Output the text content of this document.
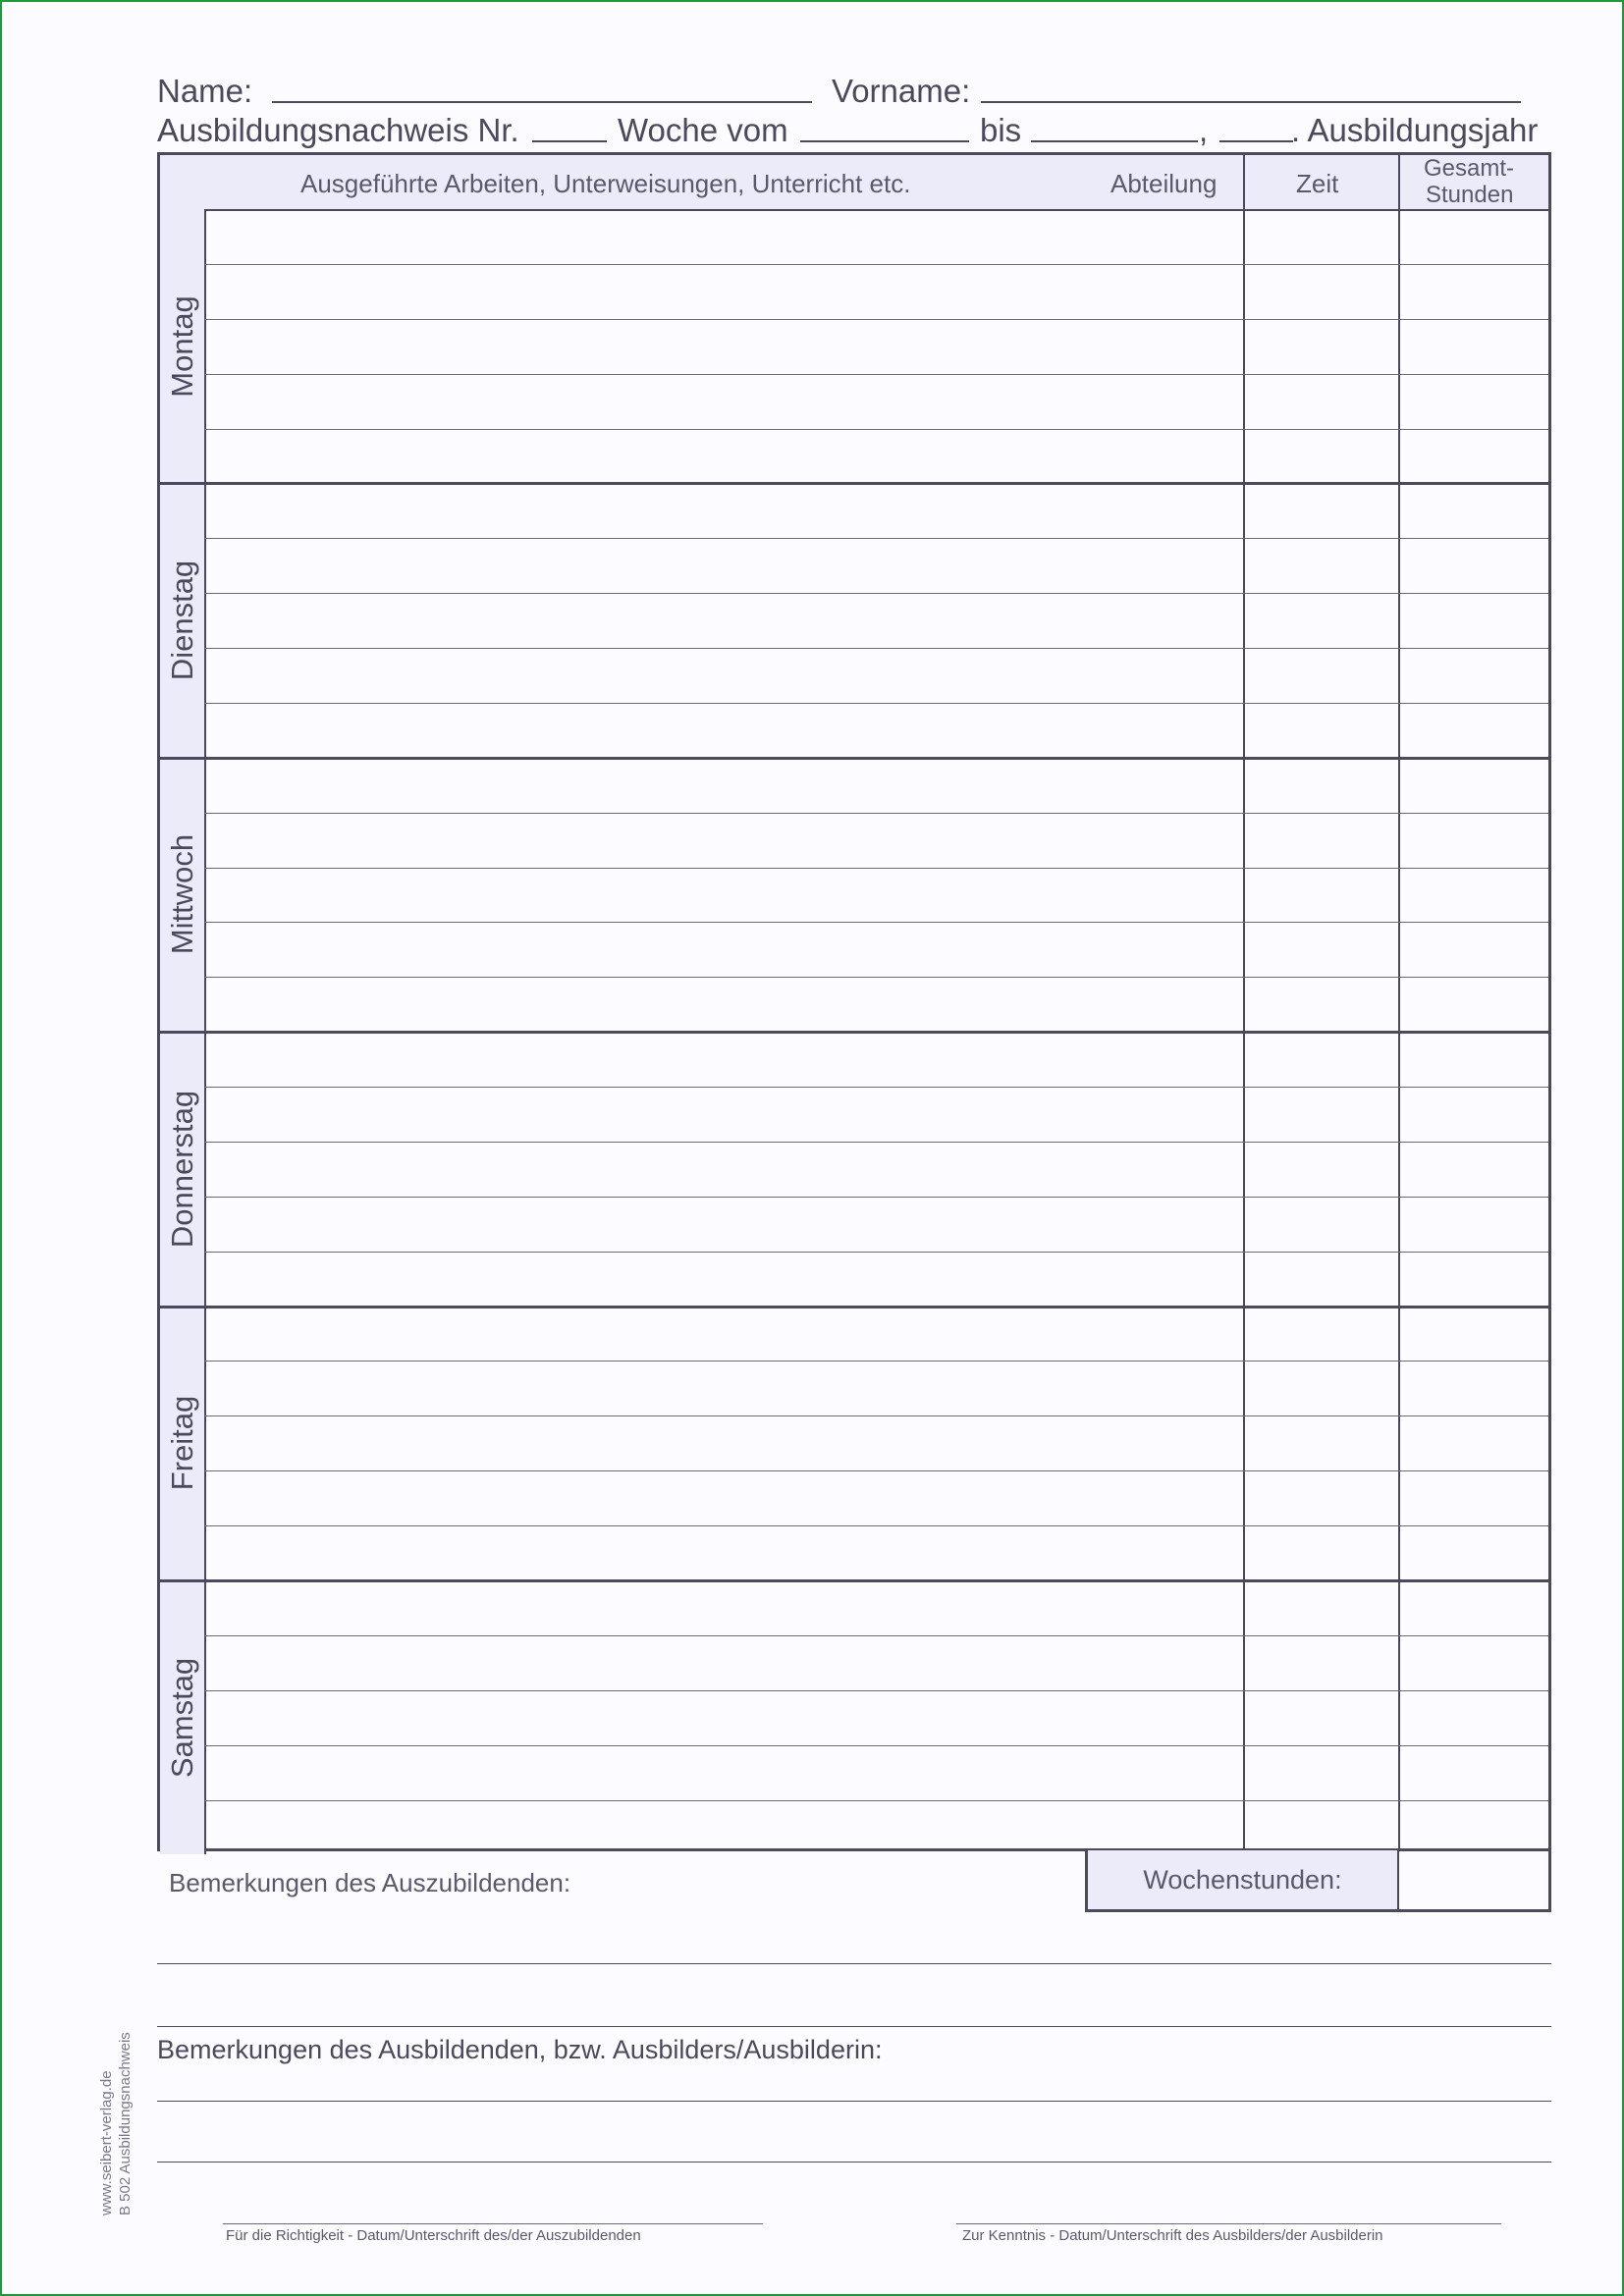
Name:	Vorname:
Ausbildungsnachweis Nr.	Woche vom	bis	,	. Ausbildungsjahr
Ausgeführte Arbeiten, Unterweisungen, Unterricht etc.	Abteilung	Zeit
Gesamt-
Stunden
Montag
Dienstag
Mittwoch
Donnerstag
Freitag
Samstag
Wochenstunden:
Bemerkungen des Auszubildenden:
Bemerkungen des Ausbildenden, bzw. Ausbilders/Ausbilderin:
Für die Richtigkeit - Datum/Unterschrift des/der Auszubildenden	Zur Kenntnis - Datum/Unterschrift des Ausbilders/der Ausbilderin
www.seibert-verlag.de B 502 Ausbildungsnachweis
